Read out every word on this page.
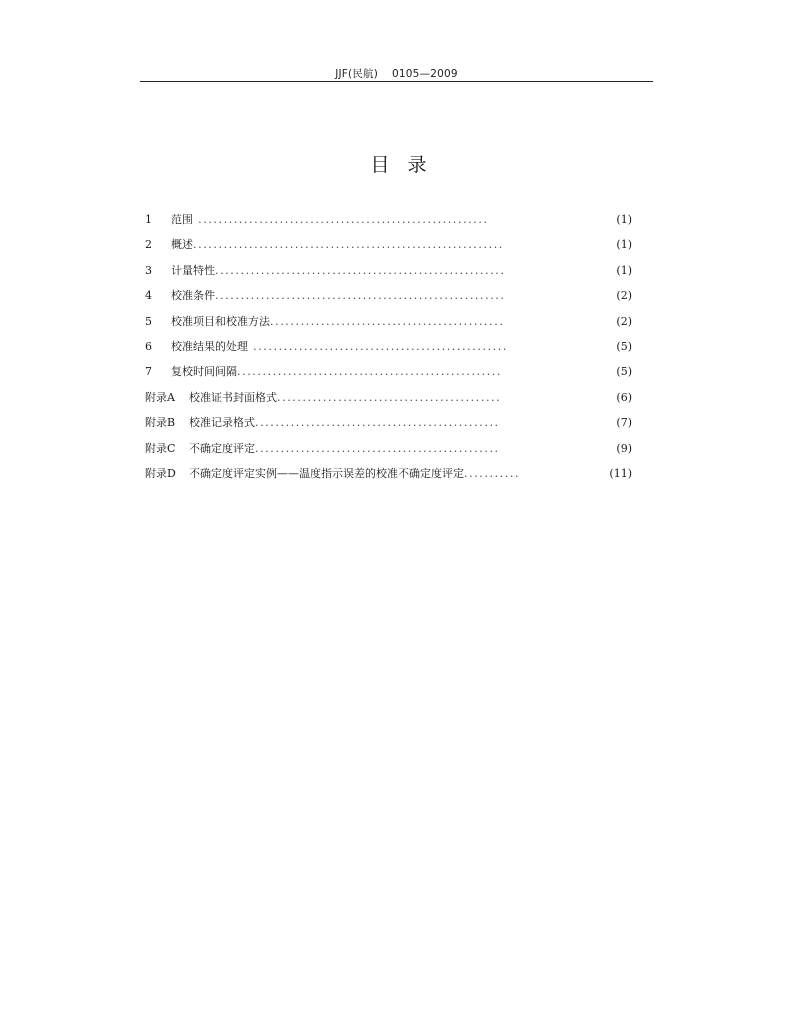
JJF(民航) 0105—2009
目录
1 范围 .........................................................	(1)
2 概述.............................................................	(1)
3 计量特性.........................................................	(1)
4 校准条件.........................................................	(2)
5 校准项目和校准方法..............................................	(2)
6 校准结果的处理 ..................................................	(5)
7 复校时间间隔....................................................	(5)
附录A 校准证书封面格式............................................	(6)
附录B 校准记录格式................................................	(7)
附录C 不确定度评定................................................	(9)
附录D 不确定度评定实例——温度指示误差的校准不确定度评定...........	(11)
